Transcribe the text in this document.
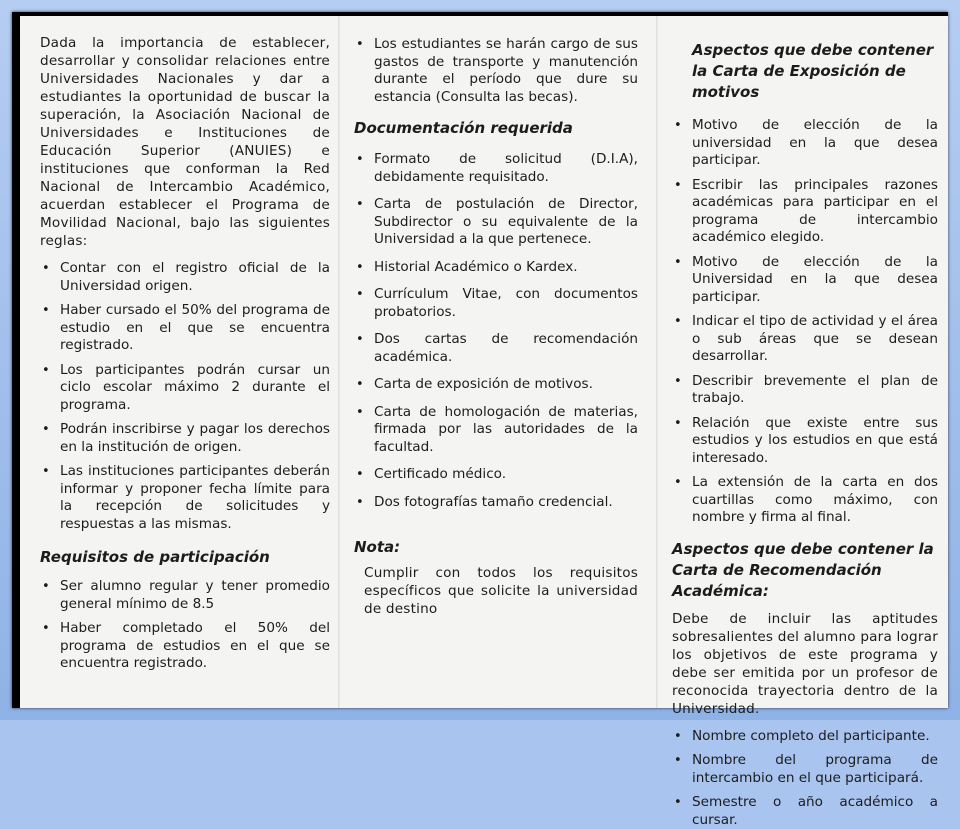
Dada la importancia de establecer, desarrollar y consolidar relaciones entre Universidades Nacionales y dar a estudiantes la oportunidad de buscar la superación, la Asociación Nacional de Universidades e Instituciones de Educación Superior (ANUIES) e instituciones que conforman la Red Nacional de Intercambio Académico, acuerdan establecer el Programa de Movilidad Nacional, bajo las siguientes reglas:

• Contar con el registro oficial de la Universidad origen.
• Haber cursado el 50% del programa de estudio en el que se encuentra registrado.
• Los participantes podrán cursar un ciclo escolar máximo 2 durante el programa.
• Podrán inscribirse y pagar los derechos en la institución de origen.
• Las instituciones participantes deberán informar y proponer fecha límite para la recepción de solicitudes y respuestas a las mismas.
Requisitos de participación
• Ser alumno regular y tener promedio general mínimo de 8.5
• Haber completado el 50% del programa de estudios en el que se encuentra registrado.
• Los estudiantes se harán cargo de sus gastos de transporte y manutención durante el período que dure su estancia (Consulta las becas).
Documentación requerida
• Formato de solicitud (D.I.A), debidamente requisitado.
• Carta de postulación de Director, Subdirector o su equivalente de la Universidad a la que pertenece.
• Historial Académico o Kardex.
• Currículum Vitae, con documentos probatorios.
• Dos cartas de recomendación académica.
• Carta de exposición de motivos.
• Carta de homologación de materias, firmada por las autoridades de la facultad.
• Certificado médico.
• Dos fotografías tamaño credencial.
Nota:

Cumplir con todos los requisitos específicos que solicite la universidad de destino

Aspectos que debe contener la Carta de Exposición de motivos
• Motivo de elección de la universidad en la que desea participar.
• Escribir las principales razones académicas para participar en el programa de intercambio académico elegido.
• Motivo de elección de la Universidad en la que desea participar.
• Indicar el tipo de actividad y el área o sub áreas que se desean desarrollar.
• Describir brevemente el plan de trabajo.
• Relación que existe entre sus estudios y los estudios en que está interesado.
• La extensión de la carta en dos cuartillas como máximo, con nombre y firma al final.
Aspectos que debe contener la Carta de Recomendación Académica:

Debe de incluir las aptitudes sobresalientes del alumno para lograr los objetivos de este programa y debe ser emitida por un profesor de reconocida trayectoria dentro de la Universidad.

• Nombre completo del participante.
• Nombre del programa de intercambio en el que participará.
• Semestre o año académico a cursar.
